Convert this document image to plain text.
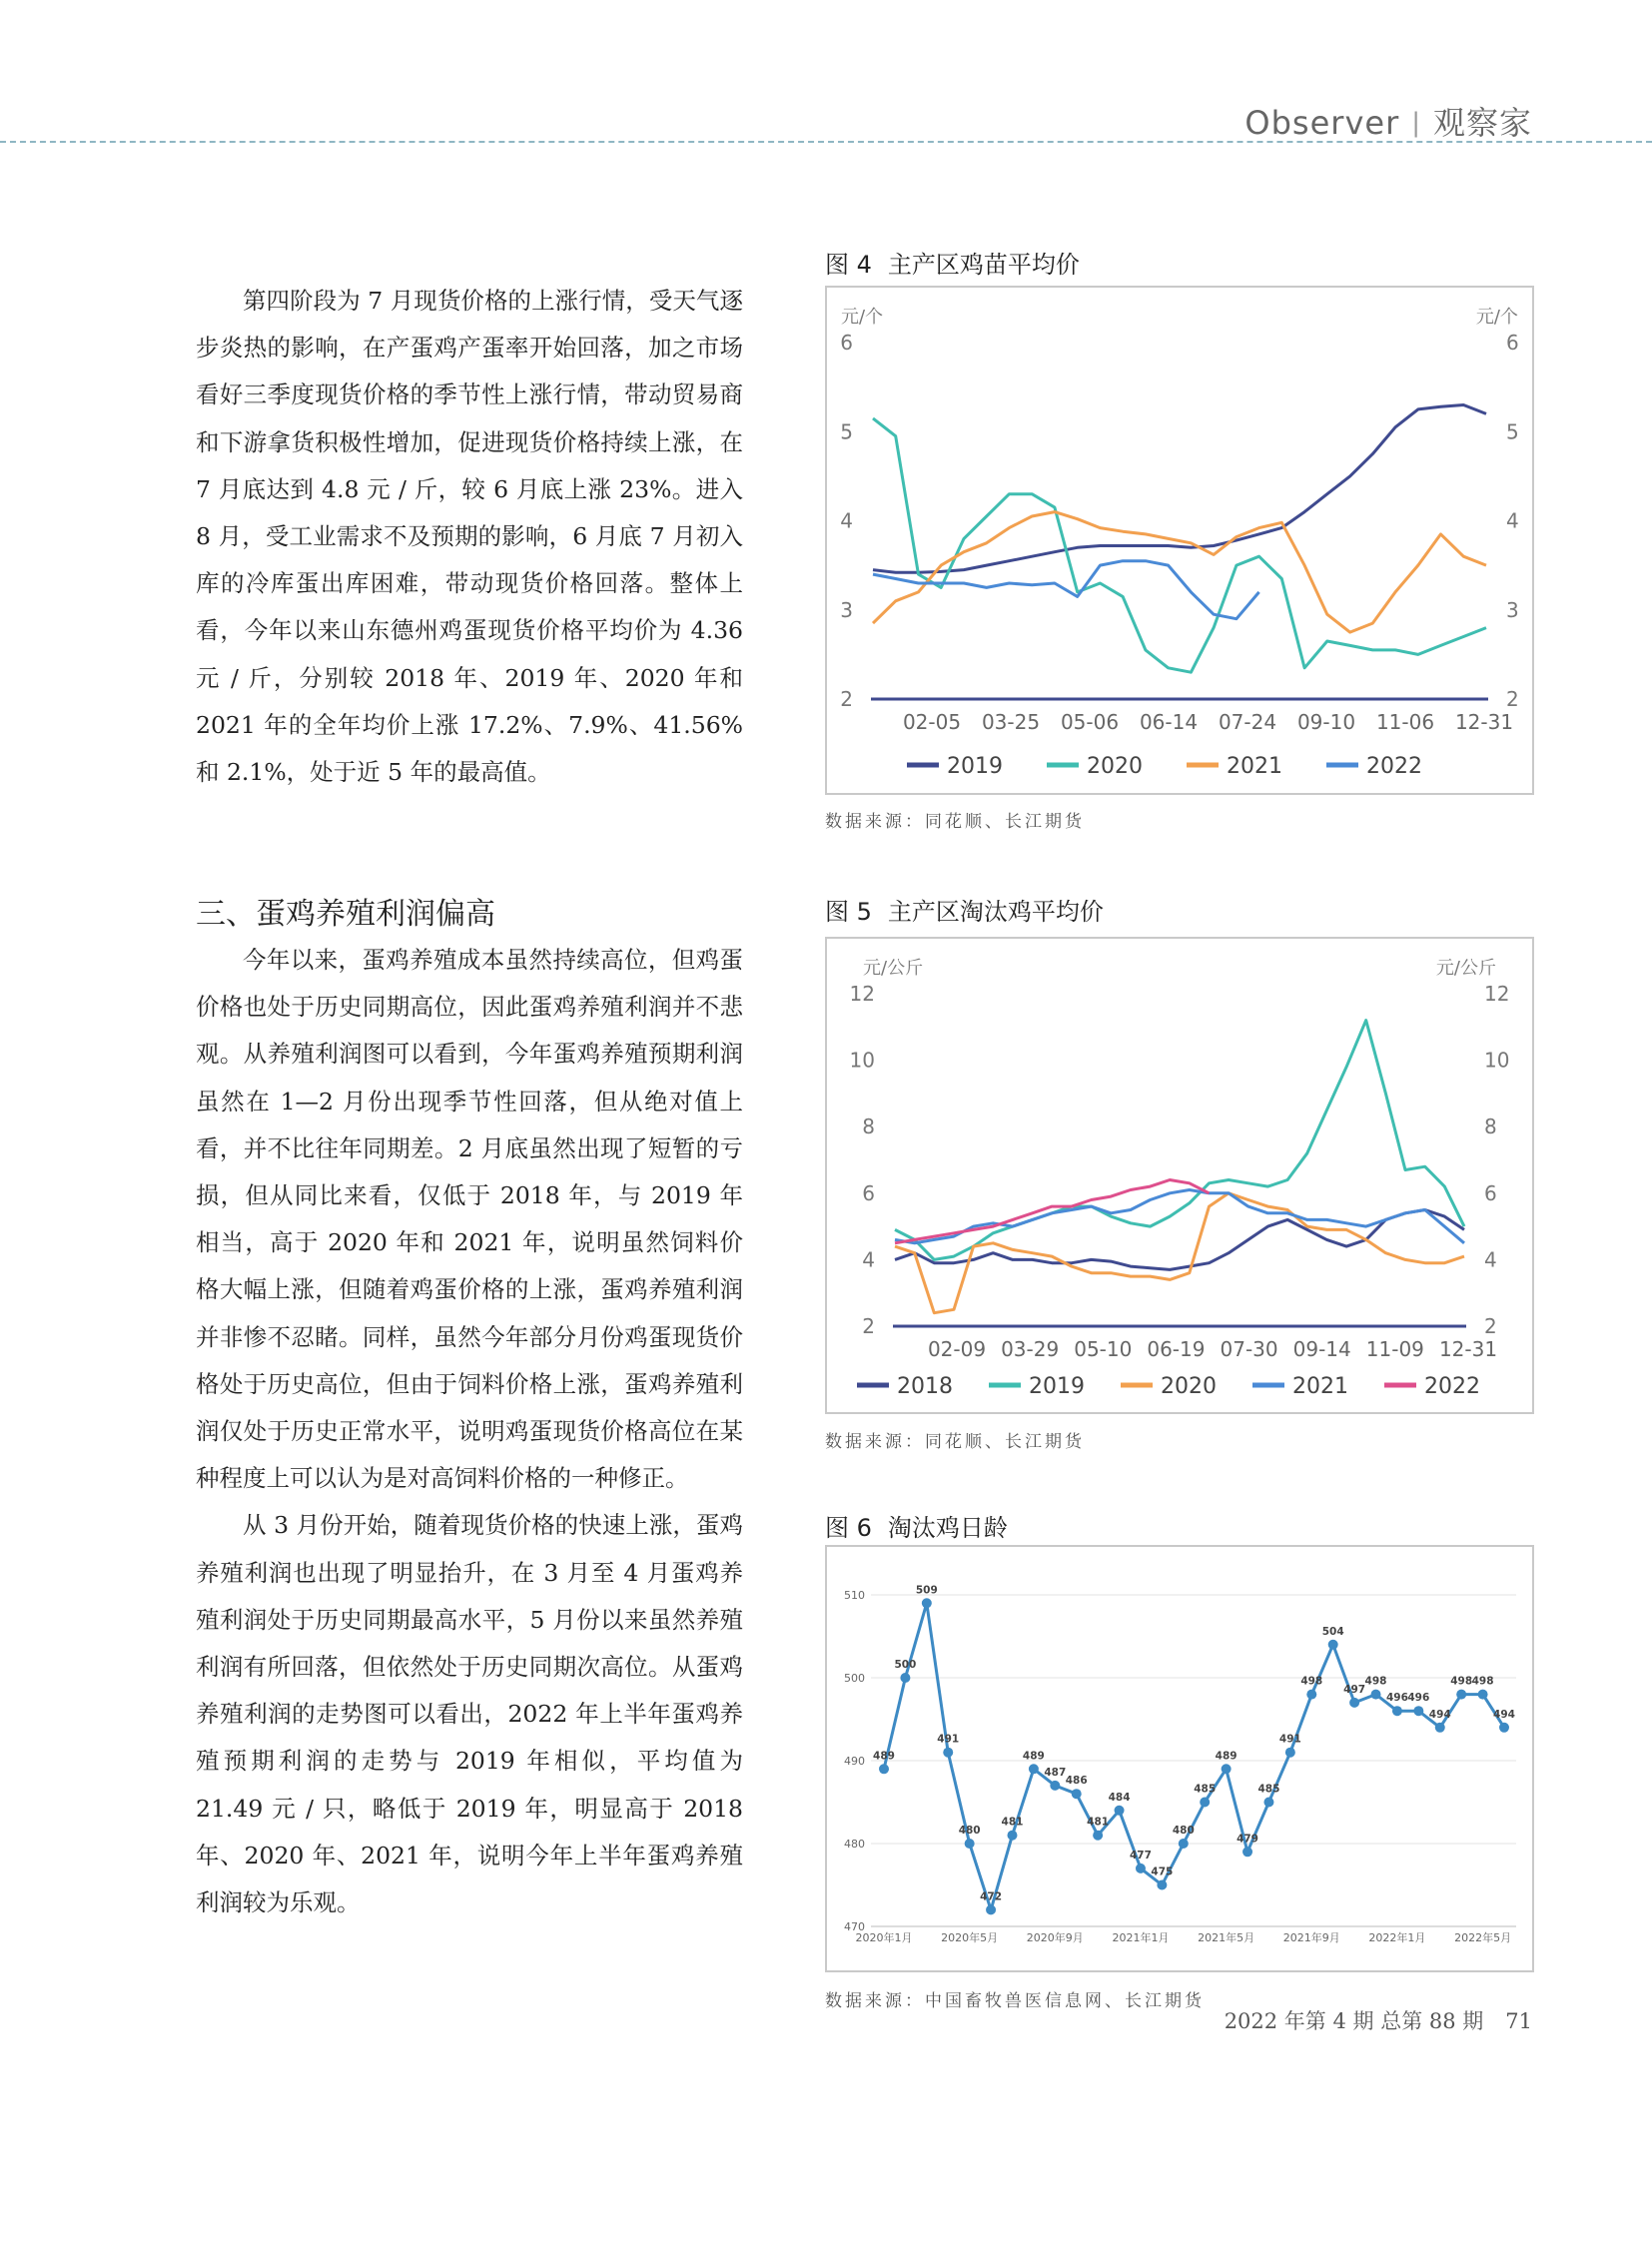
Observer | 观察家

第四阶段为 7 月现货价格的上涨行情，受天气逐步炎热的影响，在产蛋鸡产蛋率开始回落，加之市场看好三季度现货价格的季节性上涨行情，带动贸易商和下游拿货积极性增加，促进现货价格持续上涨，在 7 月底达到 4.8 元 / 斤，较 6 月底上涨 23%。进入 8 月，受工业需求不及预期的影响，6 月底 7 月初入库的冷库蛋出库困难，带动现货价格回落。整体上看，今年以来山东德州鸡蛋现货价格平均价为 4.36 元 / 斤，分别较 2018 年、2019 年、2020 年和 2021 年的全年均价上涨 17.2%、7.9%、41.56% 和 2.1%，处于近 5 年的最高值。

三、蛋鸡养殖利润偏高

今年以来，蛋鸡养殖成本虽然持续高位，但鸡蛋价格也处于历史同期高位，因此蛋鸡养殖利润并不悲观。从养殖利润图可以看到，今年蛋鸡养殖预期利润虽然在 1—2 月份出现季节性回落，但从绝对值上看，并不比往年同期差。2 月底虽然出现了短暂的亏损，但从同比来看，仅低于 2018 年，与 2019 年相当，高于 2020 年和 2021 年，说明虽然饲料价格大幅上涨，但随着鸡蛋价格的上涨，蛋鸡养殖利润并非惨不忍睹。同样，虽然今年部分月份鸡蛋现货价格处于历史高位，但由于饲料价格上涨，蛋鸡养殖利润仅处于历史正常水平，说明鸡蛋现货价格高位在某种程度上可以认为是对高饲料价格的一种修正。

从 3 月份开始，随着现货价格的快速上涨，蛋鸡养殖利润也出现了明显抬升，在 3 月至 4 月蛋鸡养殖利润处于历史同期最高水平，5 月份以来虽然养殖利润有所回落，但依然处于历史同期次高位。从蛋鸡养殖利润的走势图可以看出，2022 年上半年蛋鸡养殖预期利润的走势与 2019 年相似，平均值为 21.49 元 / 只，略低于 2019 年，明显高于 2018 年、2020 年、2021 年，说明今年上半年蛋鸡养殖利润较为乐观。

图 4 主产区鸡苗平均价
元/个	元/个
2	2
3	3
4	4
5	5
6	6
02-05 03-25 05-06 06-14 07-24 09-10 11-06 12-31
2019	2020	2021	2022
数据来源：同花顺、长江期货
图 5 主产区淘汰鸡平均价
元/公斤	元/公斤
2	2
4	4
6	6
8	8
10	10
12	12
02-09 03-29 05-10 06-19 07-30 09-14 11-09 12-31
2018	2019	2020	2021	2022
数据来源：同花顺、长江期货
图 6 淘汰鸡日龄
470
480
490
500
510
2020年1月	2020年5月	2020年9月	2021年1月	2021年5月	2021年9月	2022年1月	2022年5月
489
500
509
491
480
472
481
489
487
486
481
484
477
475
480
485
489
479
485
491
498
504
497
498
496 496
494
498 498
494
数据来源：中国畜牧兽医信息网、长江期货
2022 年第 4 期 总第 88 期 71
